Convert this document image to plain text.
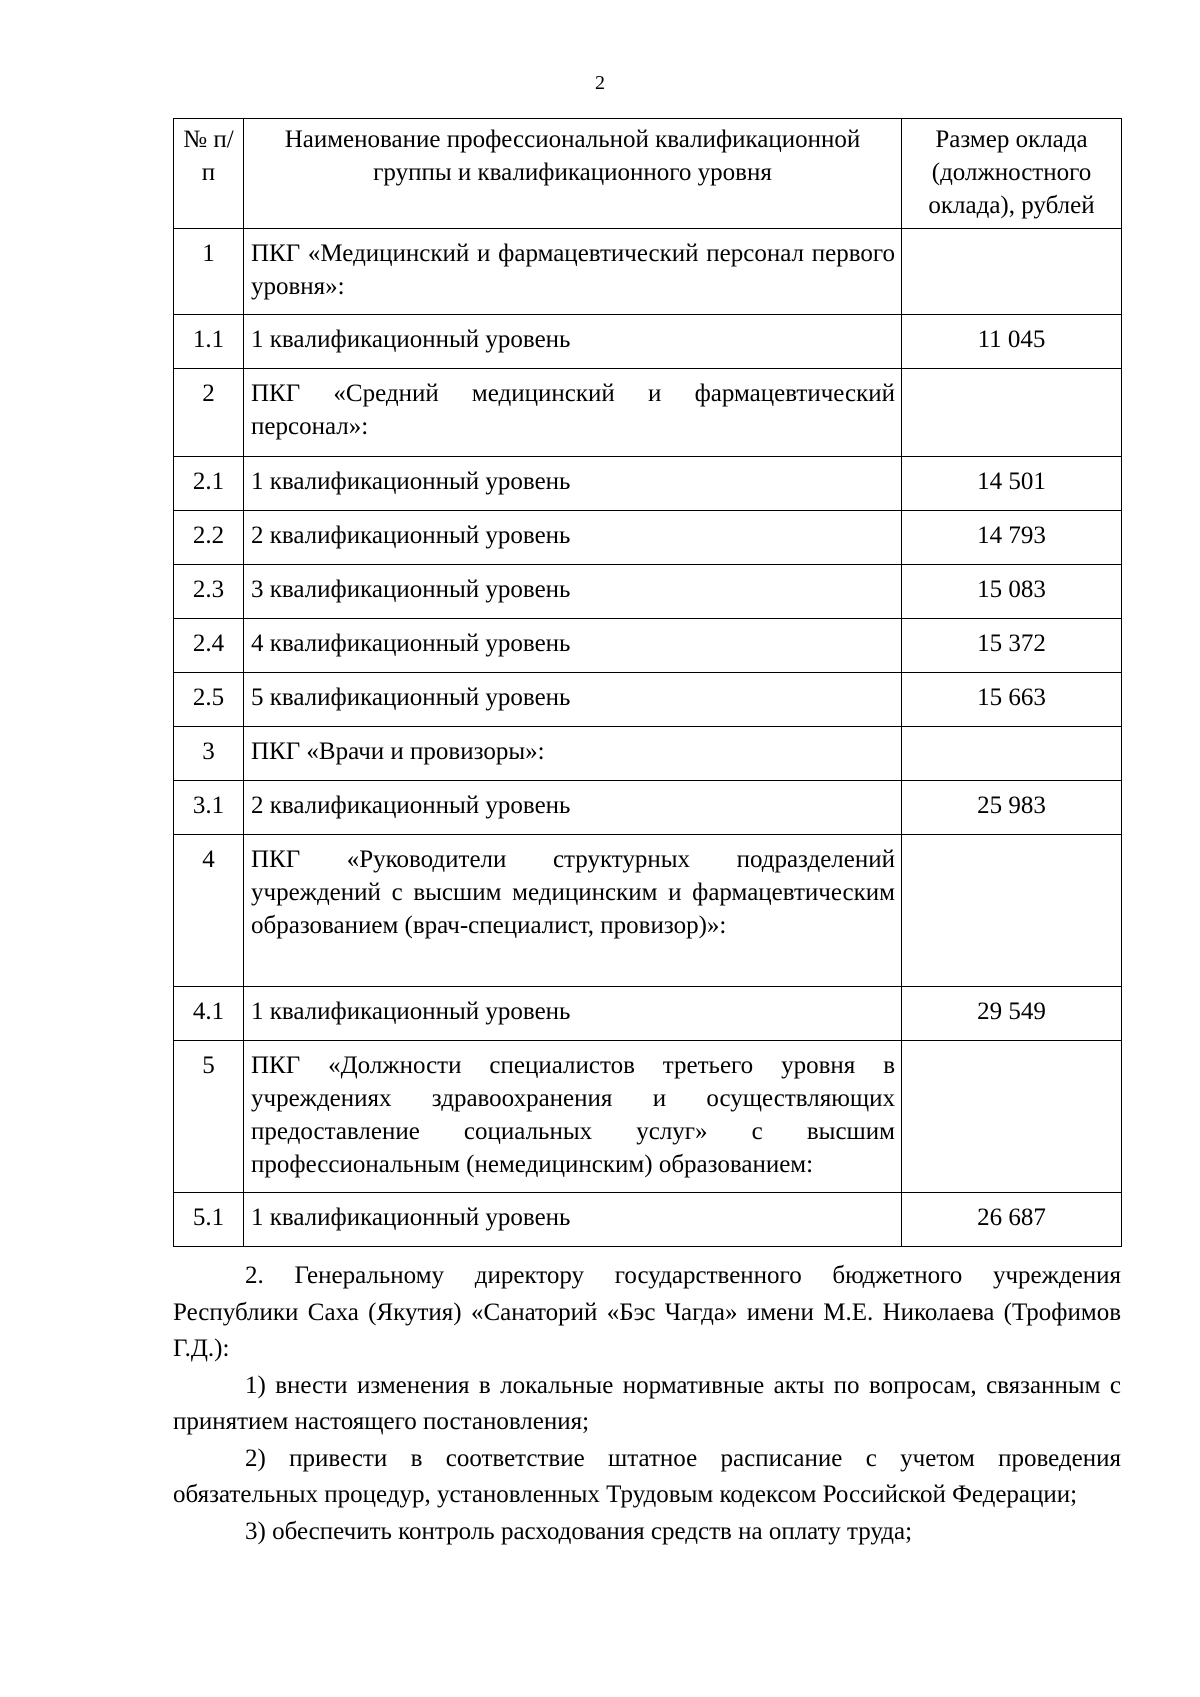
2
№ п/п	Наименование профессиональной квалификационной группы и квалификационного уровня	Размер оклада (должностного оклада), рублей
1	ПКГ «Медицинский и фармацевтический персонал первого уровня»:	
1.1	1 квалификационный уровень	11 045
2	ПКГ «Средний медицинский и фармацевтический персонал»:	
2.1	1 квалификационный уровень	14 501
2.2	2 квалификационный уровень	14 793
2.3	3 квалификационный уровень	15 083
2.4	4 квалификационный уровень	15 372
2.5	5 квалификационный уровень	15 663
3	ПКГ «Врачи и провизоры»:	
3.1	2 квалификационный уровень	25 983
4	ПКГ «Руководители структурных подразделений учреждений с высшим медицинским и фармацевтическим образованием (врач-специалист, провизор)»:	
4.1	1 квалификационный уровень	29 549
5	ПКГ «Должности специалистов третьего уровня в учреждениях здравоохранения и осуществляющих предоставление социальных услуг» с высшим профессиональным (немедицинским) образованием:	
5.1	1 квалификационный уровень	26 687

2. Генеральному директору государственного бюджетного учреждения Республики Саха (Якутия) «Санаторий «Бэс Чагда» имени М.Е. Николаева (Трофимов Г.Д.):

1) внести изменения в локальные нормативные акты по вопросам, связанным с принятием настоящего постановления;

2) привести в соответствие штатное расписание с учетом проведения обязательных процедур, установленных Трудовым кодексом Российской Федерации;

3) обеспечить контроль расходования средств на оплату труда;
